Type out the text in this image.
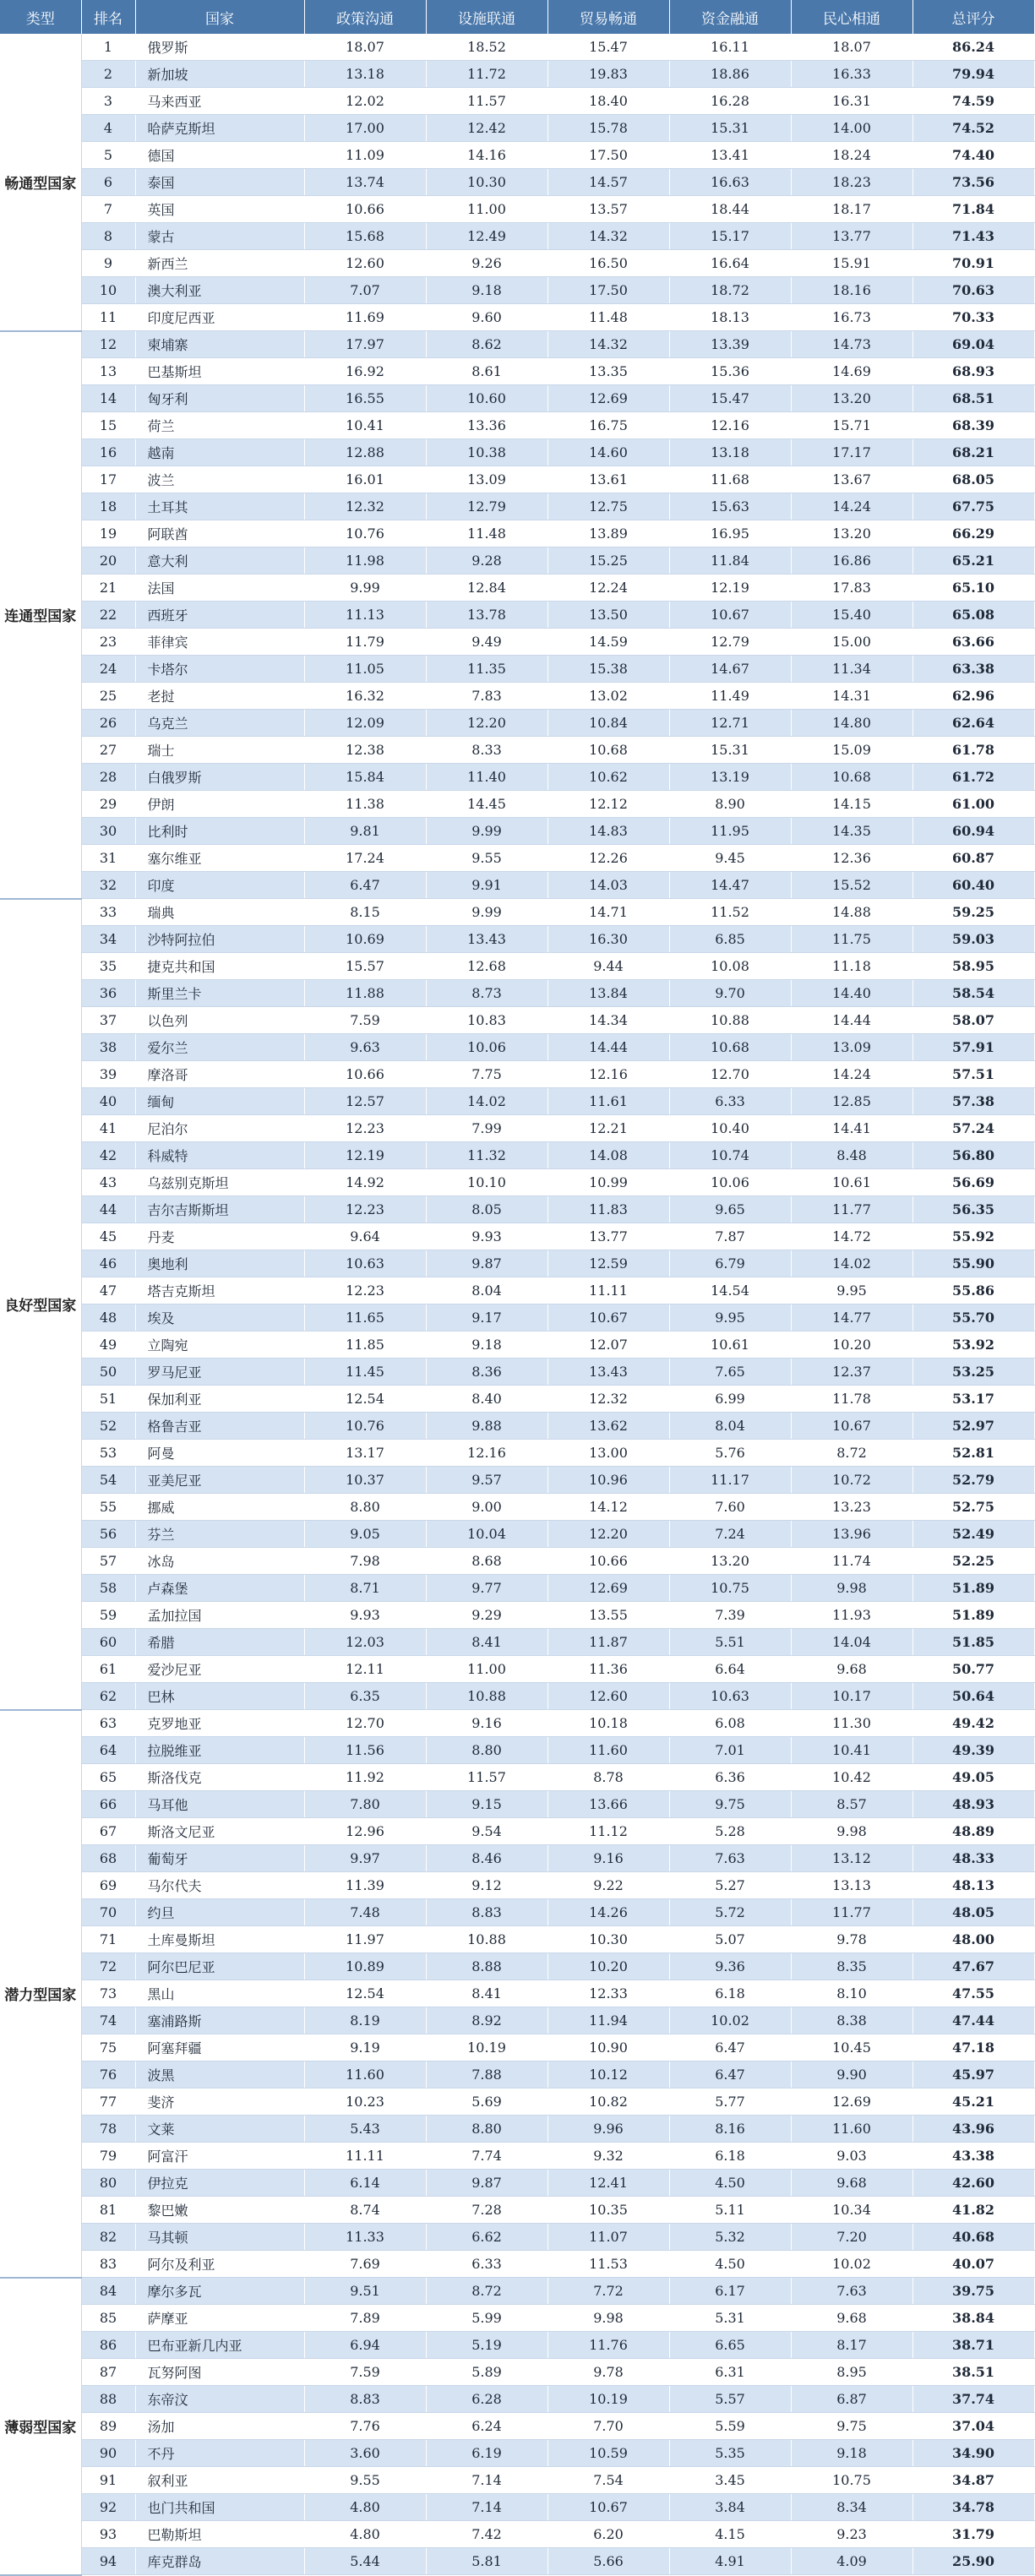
类型	排名	国家	政策沟通	设施联通	贸易畅通	资金融通	民心相通	总评分
畅通型国家	1	俄罗斯	18.07	18.52	15.47	16.11	18.07	86.24
	2	新加坡	13.18	11.72	19.83	18.86	16.33	79.94
	3	马来西亚	12.02	11.57	18.40	16.28	16.31	74.59
	4	哈萨克斯坦	17.00	12.42	15.78	15.31	14.00	74.52
	5	德国	11.09	14.16	17.50	13.41	18.24	74.40
	6	泰国	13.74	10.30	14.57	16.63	18.23	73.56
	7	英国	10.66	11.00	13.57	18.44	18.17	71.84
	8	蒙古	15.68	12.49	14.32	15.17	13.77	71.43
	9	新西兰	12.60	9.26	16.50	16.64	15.91	70.91
	10	澳大利亚	7.07	9.18	17.50	18.72	18.16	70.63
	11	印度尼西亚	11.69	9.60	11.48	18.13	16.73	70.33
连通型国家	12	柬埔寨	17.97	8.62	14.32	13.39	14.73	69.04
	13	巴基斯坦	16.92	8.61	13.35	15.36	14.69	68.93
	14	匈牙利	16.55	10.60	12.69	15.47	13.20	68.51
	15	荷兰	10.41	13.36	16.75	12.16	15.71	68.39
	16	越南	12.88	10.38	14.60	13.18	17.17	68.21
	17	波兰	16.01	13.09	13.61	11.68	13.67	68.05
	18	土耳其	12.32	12.79	12.75	15.63	14.24	67.75
	19	阿联酋	10.76	11.48	13.89	16.95	13.20	66.29
	20	意大利	11.98	9.28	15.25	11.84	16.86	65.21
	21	法国	9.99	12.84	12.24	12.19	17.83	65.10
	22	西班牙	11.13	13.78	13.50	10.67	15.40	65.08
	23	菲律宾	11.79	9.49	14.59	12.79	15.00	63.66
	24	卡塔尔	11.05	11.35	15.38	14.67	11.34	63.38
	25	老挝	16.32	7.83	13.02	11.49	14.31	62.96
	26	乌克兰	12.09	12.20	10.84	12.71	14.80	62.64
	27	瑞士	12.38	8.33	10.68	15.31	15.09	61.78
	28	白俄罗斯	15.84	11.40	10.62	13.19	10.68	61.72
	29	伊朗	11.38	14.45	12.12	8.90	14.15	61.00
	30	比利时	9.81	9.99	14.83	11.95	14.35	60.94
	31	塞尔维亚	17.24	9.55	12.26	9.45	12.36	60.87
	32	印度	6.47	9.91	14.03	14.47	15.52	60.40
良好型国家	33	瑞典	8.15	9.99	14.71	11.52	14.88	59.25
	34	沙特阿拉伯	10.69	13.43	16.30	6.85	11.75	59.03
	35	捷克共和国	15.57	12.68	9.44	10.08	11.18	58.95
	36	斯里兰卡	11.88	8.73	13.84	9.70	14.40	58.54
	37	以色列	7.59	10.83	14.34	10.88	14.44	58.07
	38	爱尔兰	9.63	10.06	14.44	10.68	13.09	57.91
	39	摩洛哥	10.66	7.75	12.16	12.70	14.24	57.51
	40	缅甸	12.57	14.02	11.61	6.33	12.85	57.38
	41	尼泊尔	12.23	7.99	12.21	10.40	14.41	57.24
	42	科威特	12.19	11.32	14.08	10.74	8.48	56.80
	43	乌兹别克斯坦	14.92	10.10	10.99	10.06	10.61	56.69
	44	吉尔吉斯斯坦	12.23	8.05	11.83	9.65	11.77	56.35
	45	丹麦	9.64	9.93	13.77	7.87	14.72	55.92
	46	奥地利	10.63	9.87	12.59	6.79	14.02	55.90
	47	塔吉克斯坦	12.23	8.04	11.11	14.54	9.95	55.86
	48	埃及	11.65	9.17	10.67	9.95	14.77	55.70
	49	立陶宛	11.85	9.18	12.07	10.61	10.20	53.92
	50	罗马尼亚	11.45	8.36	13.43	7.65	12.37	53.25
	51	保加利亚	12.54	8.40	12.32	6.99	11.78	53.17
	52	格鲁吉亚	10.76	9.88	13.62	8.04	10.67	52.97
	53	阿曼	13.17	12.16	13.00	5.76	8.72	52.81
	54	亚美尼亚	10.37	9.57	10.96	11.17	10.72	52.79
	55	挪威	8.80	9.00	14.12	7.60	13.23	52.75
	56	芬兰	9.05	10.04	12.20	7.24	13.96	52.49
	57	冰岛	7.98	8.68	10.66	13.20	11.74	52.25
	58	卢森堡	8.71	9.77	12.69	10.75	9.98	51.89
	59	孟加拉国	9.93	9.29	13.55	7.39	11.93	51.89
	60	希腊	12.03	8.41	11.87	5.51	14.04	51.85
	61	爱沙尼亚	12.11	11.00	11.36	6.64	9.68	50.77
	62	巴林	6.35	10.88	12.60	10.63	10.17	50.64
潜力型国家	63	克罗地亚	12.70	9.16	10.18	6.08	11.30	49.42
	64	拉脱维亚	11.56	8.80	11.60	7.01	10.41	49.39
	65	斯洛伐克	11.92	11.57	8.78	6.36	10.42	49.05
	66	马耳他	7.80	9.15	13.66	9.75	8.57	48.93
	67	斯洛文尼亚	12.96	9.54	11.12	5.28	9.98	48.89
	68	葡萄牙	9.97	8.46	9.16	7.63	13.12	48.33
	69	马尔代夫	11.39	9.12	9.22	5.27	13.13	48.13
	70	约旦	7.48	8.83	14.26	5.72	11.77	48.05
	71	土库曼斯坦	11.97	10.88	10.30	5.07	9.78	48.00
	72	阿尔巴尼亚	10.89	8.88	10.20	9.36	8.35	47.67
	73	黑山	12.54	8.41	12.33	6.18	8.10	47.55
	74	塞浦路斯	8.19	8.92	11.94	10.02	8.38	47.44
	75	阿塞拜疆	9.19	10.19	10.90	6.47	10.45	47.18
	76	波黑	11.60	7.88	10.12	6.47	9.90	45.97
	77	斐济	10.23	5.69	10.82	5.77	12.69	45.21
	78	文莱	5.43	8.80	9.96	8.16	11.60	43.96
	79	阿富汗	11.11	7.74	9.32	6.18	9.03	43.38
	80	伊拉克	6.14	9.87	12.41	4.50	9.68	42.60
	81	黎巴嫩	8.74	7.28	10.35	5.11	10.34	41.82
	82	马其顿	11.33	6.62	11.07	5.32	7.20	40.68
	83	阿尔及利亚	7.69	6.33	11.53	4.50	10.02	40.07
薄弱型国家	84	摩尔多瓦	9.51	8.72	7.72	6.17	7.63	39.75
	85	萨摩亚	7.89	5.99	9.98	5.31	9.68	38.84
	86	巴布亚新几内亚	6.94	5.19	11.76	6.65	8.17	38.71
	87	瓦努阿图	7.59	5.89	9.78	6.31	8.95	38.51
	88	东帝汶	8.83	6.28	10.19	5.57	6.87	37.74
	89	汤加	7.76	6.24	7.70	5.59	9.75	37.04
	90	不丹	3.60	6.19	10.59	5.35	9.18	34.90
	91	叙利亚	9.55	7.14	7.54	3.45	10.75	34.87
	92	也门共和国	4.80	7.14	10.67	3.84	8.34	34.78
	93	巴勒斯坦	4.80	7.42	6.20	4.15	9.23	31.79
	94	库克群岛	5.44	5.81	5.66	4.91	4.09	25.90
